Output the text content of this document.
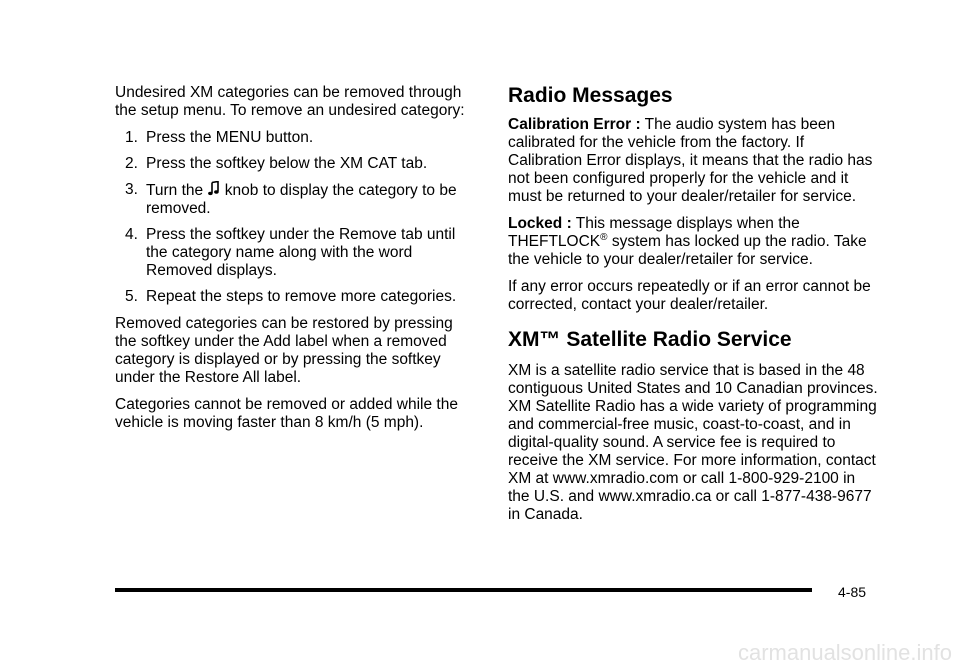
Undesired XM categories can be removed through the setup menu. To remove an undesired category:

1. Press the MENU button.
2. Press the softkey below the XM CAT tab.
3. Turn the knob to display the category to be removed.
4. Press the softkey under the Remove tab until the category name along with the word Removed displays.
5. Repeat the steps to remove more categories.

Removed categories can be restored by pressing the softkey under the Add label when a removed category is displayed or by pressing the softkey under the Restore All label.

Categories cannot be removed or added while the vehicle is moving faster than 8 km/h (5 mph).

Radio Messages

Calibration Error : The audio system has been calibrated for the vehicle from the factory. If Calibration Error displays, it means that the radio has not been configured properly for the vehicle and it must be returned to your dealer/retailer for service.

Locked : This message displays when the THEFTLOCK® system has locked up the radio. Take the vehicle to your dealer/retailer for service.

If any error occurs repeatedly or if an error cannot be corrected, contact your dealer/retailer.

XM™ Satellite Radio Service

XM is a satellite radio service that is based in the 48 contiguous United States and 10 Canadian provinces. XM Satellite Radio has a wide variety of programming and commercial-free music, coast-to-coast, and in digital-quality sound. A service fee is required to receive the XM service. For more information, contact XM at www.xmradio.com or call 1-800-929-2100 in the U.S. and www.xmradio.ca or call 1-877-438-9677 in Canada.

4-85
carmanualsonline.info
